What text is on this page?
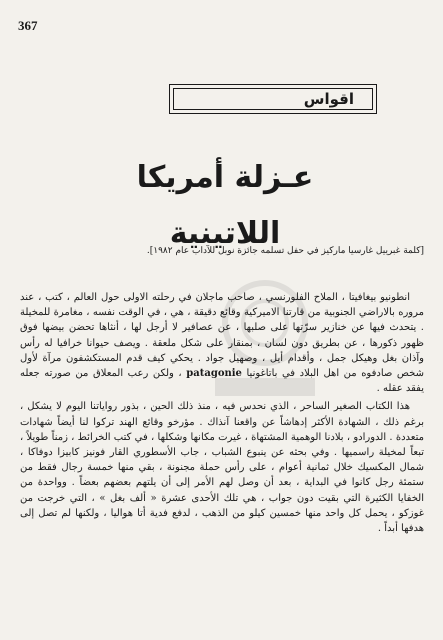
367
اقواس
عـزلة أمريكا اللاتينية
[كلمة غبرييل غارسيا ماركيز في حفل تسلمه جائزة نوبل للآداب عام ١٩٨٢].

انطونيو بيغافيتا ، الملاح الفلورنسي ، صاحب ماجلان في رحلته الاولى حول العالم ، كتب ، عند مروره بالاراضي الجنوبية من قارتنا الاميركية وقائع دقيقة ، هي ، في الوقت نفسه ، مغامرة للمخيلة . يتحدث فيها عن خنازير سرّتها على صلبها ، عن عصافير لا أرجل لها ، أنثاها تحضن بيضها فوق ظهور ذكورها ، عن بطريق دون لسان ، بمنقار على شكل ملعقة . ويصف حيوانا خرافيا له رأس وآذان بغل وهيكل جمل ، وأقدام أيل ، وصهيل جواد . يحكي كيف قدم المستكشفون مرآة لأول شخص صادفوه من اهل البلاد في باتاغونيا patagonie ، ولكن رعب المعلاق من صورته جعله يفقد عقله .

هذا الكتاب الصغير الساحر ، الذي نحدس فيه ، منذ ذلك الحين ، بذور رواياتنا اليوم لا يشكل ، برغم ذلك ، الشهادة الأكثر إدهاشاً عن واقعنا آنذاك . مؤرخو وقائع الهند تركوا لنا أيضاً شهادات متعددة . الدورادو ، بلادنا الوهمية المشتهاة ، غيرت مكانها وشكلها ، في كتب الخرائط ، زمناً طويلاً ، تبعاً لمخيلة راسميها . وفي بحثه عن ينبوع الشباب ، جاب الأسطوري القار فونيز كابيزا دوفاكا ، شمال المكسيك خلال ثمانية أعوام ، على رأس حملة مجنونة ، بقي منها خمسة رجال فقط من ستمئة رجل كانوا في البداية ، بعد أن وصل لهم الأمر إلى أن يلتهم بعضهم بعضاً . وواحدة من الخفايا الكثيرة التي بقيت دون جواب ، هي تلك الأحدى عشرة « ألف بغل » ، التي خرجت من غوزكو ، يحمل كل واحد منها خمسين كيلو من الذهب ، لدفع فدية أتا هواليا ، ولكنها لم تصل إلى هدفها أبداً .
